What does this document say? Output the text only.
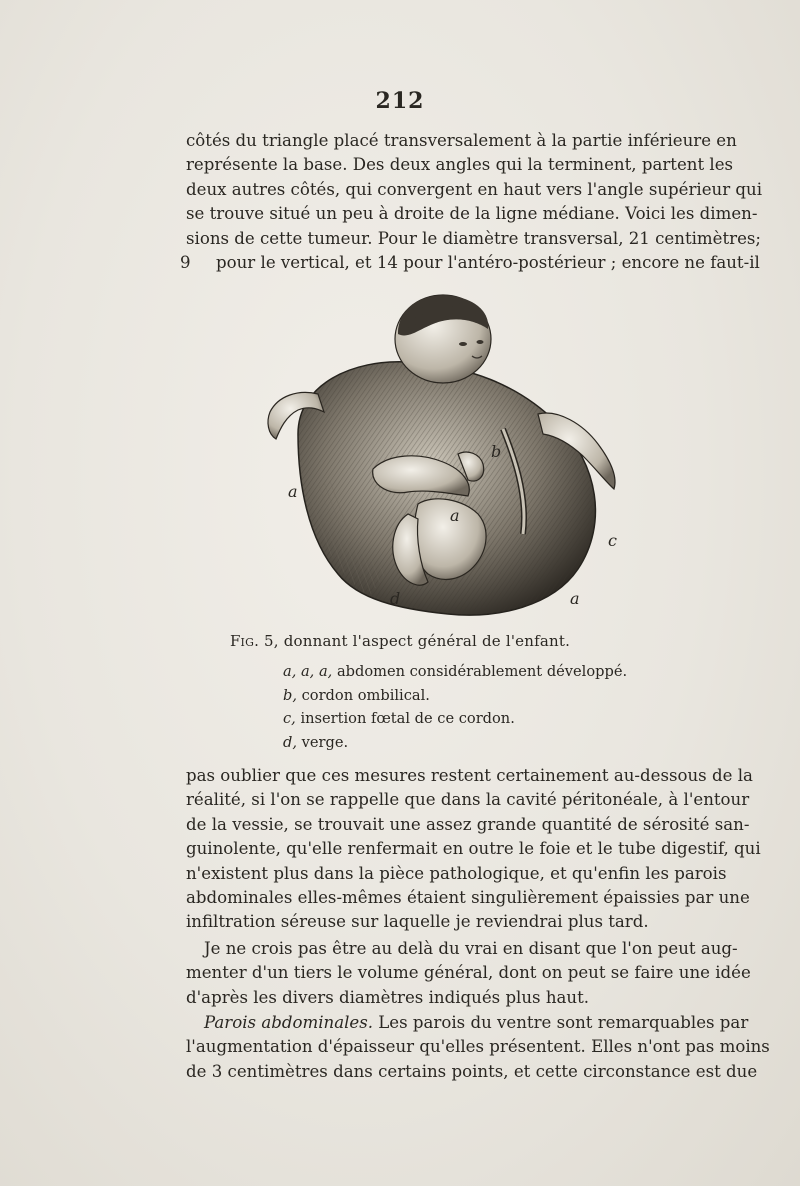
212
côtés du triangle placé transversalement à la partie inférieure en
représente la base. Des deux angles qui la terminent, partent les
deux autres côtés, qui convergent en haut vers l'angle supérieur qui
se trouve situé un peu à droite de la ligne médiane. Voici les dimen-
sions de cette tumeur. Pour le diamètre transversal, 21 centimètres;
pour le vertical, et 14 pour l'antéro-postérieur ; encore ne faut-il
9
a
b
a
c
d	a
Fig. 5, donnant l'aspect général de l'enfant.
a, a, a, abdomen considérablement développé.
b, cordon ombilical.
c, insertion fœtal de ce cordon.
d, verge.
pas oublier que ces mesures restent certainement au-dessous de la
réalité, si l'on se rappelle que dans la cavité péritonéale, à l'entour
de la vessie, se trouvait une assez grande quantité de sérosité san-
guinolente, qu'elle renfermait en outre le foie et le tube digestif, qui
n'existent plus dans la pièce pathologique, et qu'enfin les parois
abdominales elles-mêmes étaient singulièrement épaissies par une
infiltration séreuse sur laquelle je reviendrai plus tard.
Je ne crois pas être au delà du vrai en disant que l'on peut aug-
menter d'un tiers le volume général, dont on peut se faire une idée
d'après les divers diamètres indiqués plus haut.
Parois abdominales. Les parois du ventre sont remarquables par
l'augmentation d'épaisseur qu'elles présentent. Elles n'ont pas moins
de 3 centimètres dans certains points, et cette circonstance est due
